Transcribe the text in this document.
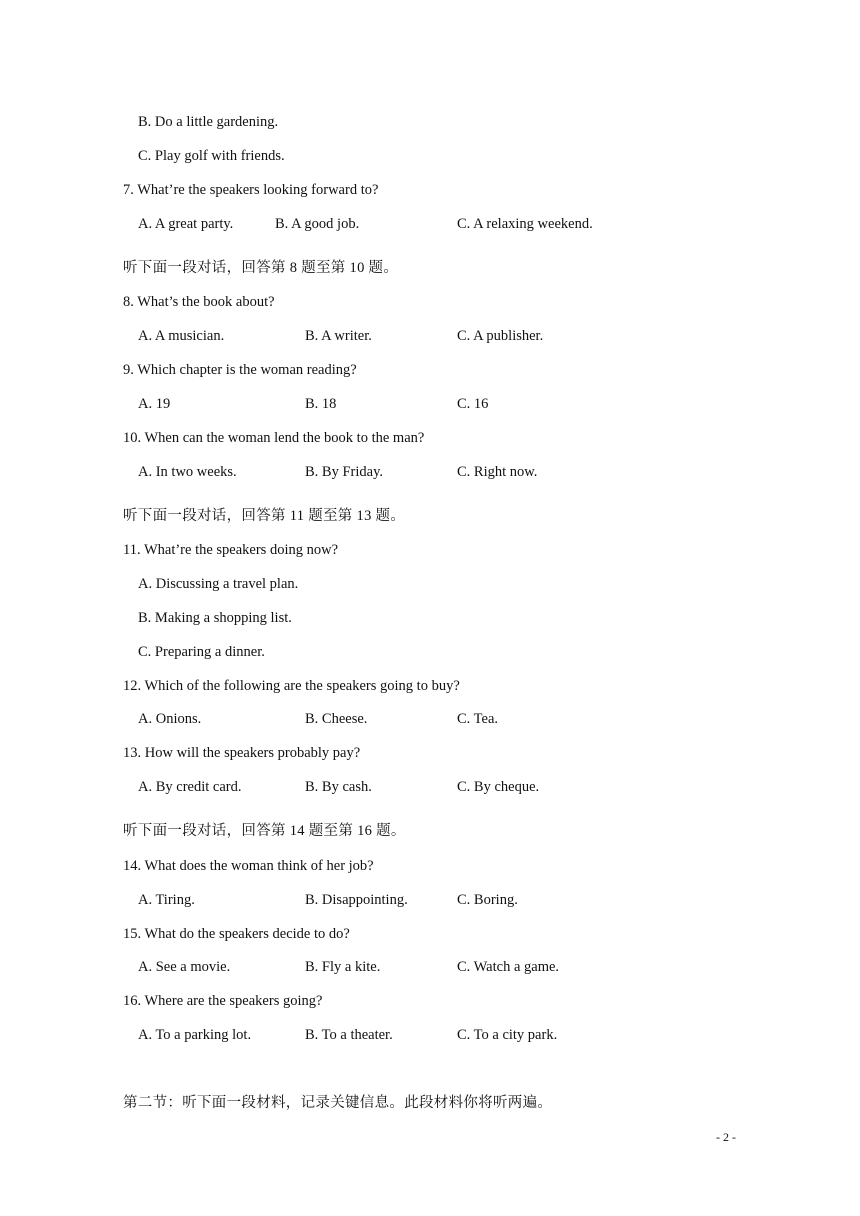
B. Do a little gardening.
C. Play golf with friends.
7. What’re the speakers looking forward to?
A. A great party.	B. A good job.	C. A relaxing weekend.
听下面一段对话，回答第 8 题至第 10 题。
8. What’s the book about?
A. A musician.	B. A writer.	C. A publisher.
9. Which chapter is the woman reading?
A. 19	B. 18	C. 16
10. When can the woman lend the book to the man?
A. In two weeks.	B. By Friday.	C. Right now.
听下面一段对话，回答第 11 题至第 13 题。
11. What’re the speakers doing now?
A. Discussing a travel plan.
B. Making a shopping list.
C. Preparing a dinner.
12. Which of the following are the speakers going to buy?
A. Onions.	B. Cheese.	C. Tea.
13. How will the speakers probably pay?
A. By credit card.	B. By cash.	C. By cheque.
听下面一段对话，回答第 14 题至第 16 题。
14. What does the woman think of her job?
A. Tiring.	B. Disappointing.	C. Boring.
15. What do the speakers decide to do?
A. See a movie.	B. Fly a kite.	C. Watch a game.
16. Where are the speakers going?
A. To a parking lot.	B. To a theater.	C. To a city park.
第二节：听下面一段材料，记录关键信息。此段材料你将听两遍。
- 2 -
